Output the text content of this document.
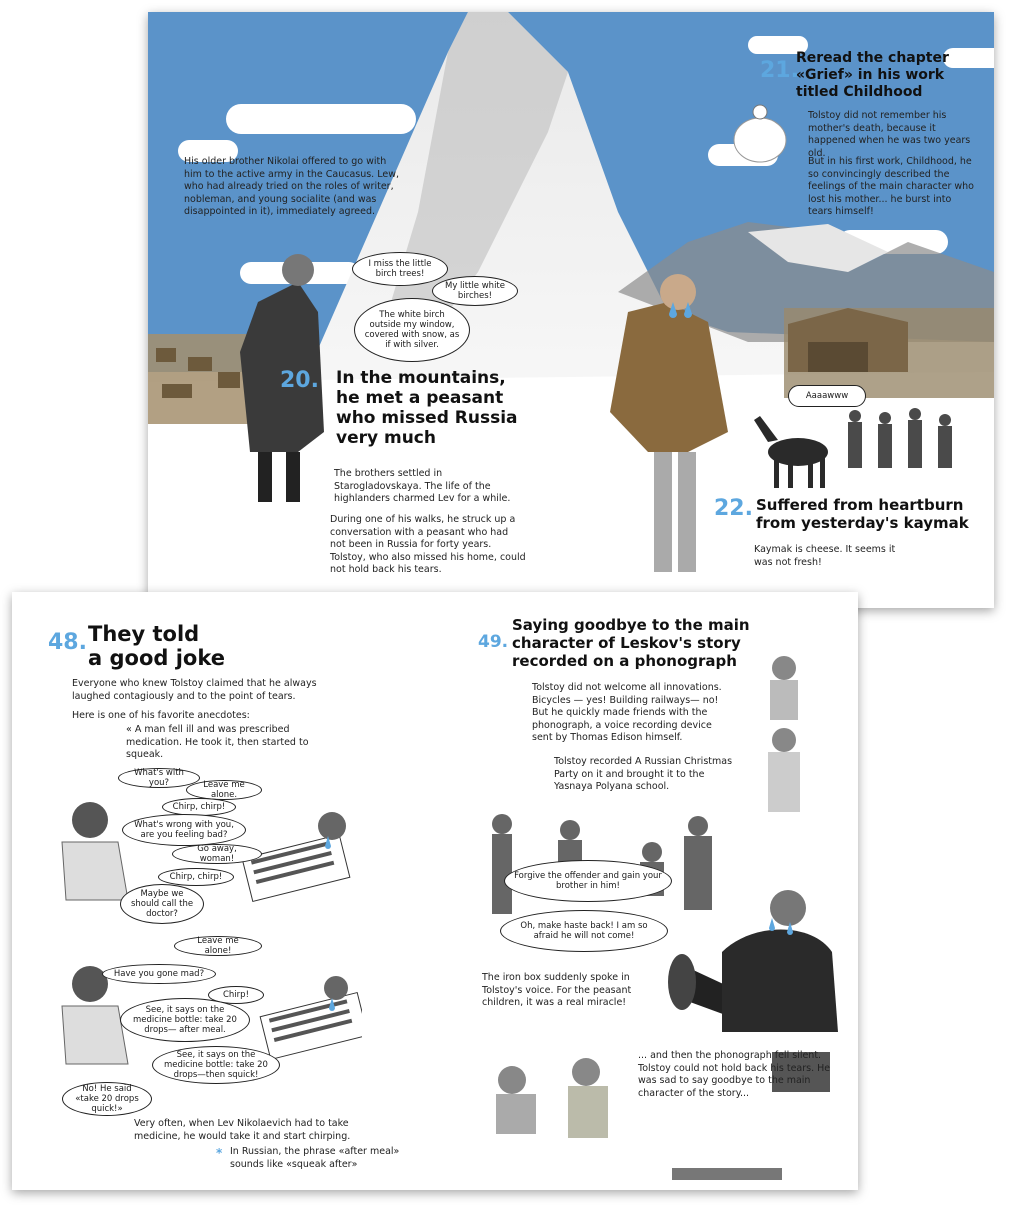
His older brother Nikolai offered to go with him to the active army in the Caucasus. Lew, who had already tried on the roles of writer, nobleman, and young socialite (and was disappointed in it), immediately agreed.
I miss the little birch trees!
My little white birches!
The white birch outside my window, covered with snow, as if with silver.
20. In the mountains,
he met a peasant
who missed Russia
very much
The brothers settled in Starogladovskaya. The life of the highlanders charmed Lev for a while.
During one of his walks, he struck up a conversation with a peasant who had not been in Russia for forty years. Tolstoy, who also missed his home, could not hold back his tears.
21.
Reread the chapter
«Grief» in his work
titled Childhood
Tolstoy did not remember his mother's death, because it happened when he was two years old.
But in his first work, Childhood, he so convincingly described the feelings of the main character who lost his mother... he burst into tears himself!
Aaaawww
22. Suffered from heartburn
from yesterday's kaymak
Kaymak is cheese. It seems it was not fresh!
48. They told
a good joke
Everyone who knew Tolstoy claimed that he always laughed contagiously and to the point of tears.
Here is one of his favorite anecdotes:
« A man fell ill and was prescribed medication. He took it, then started to squeak.
What's with you?	Leave me alone.
Chirp, chirp!
What's wrong with you, are you feeling bad?
Go away, woman!
Chirp, chirp!
Maybe we should call the doctor?
Leave me alone!
Have you gone mad?
Chirp!
See, it says on the medicine bottle: take 20 drops— after meal.
See, it says on the medicine bottle: take 20 drops—then squick!
No! He said «take 20 drops quick!»
Very often, when Lev Nikolaevich had to take medicine, he would take it and start chirping.
* In Russian, the phrase «after meal» sounds like «squeak after»
49.
Saying goodbye to the main
character of Leskov's story
recorded on a phonograph
Tolstoy did not welcome all innovations. Bicycles — yes! Building railways— no! But he quickly made friends with the phonograph, a voice recording device sent by Thomas Edison himself.
Tolstoy recorded A Russian Christmas Party on it and brought it to the Yasnaya Polyana school.
Forgive the offender and gain your brother in him!
Oh, make haste back! I am so afraid he will not come!
The iron box suddenly spoke in Tolstoy's voice. For the peasant children, it was a real miracle!
... and then the phonograph fell silent. Tolstoy could not hold back his tears. He was sad to say goodbye to the main character of the story...
